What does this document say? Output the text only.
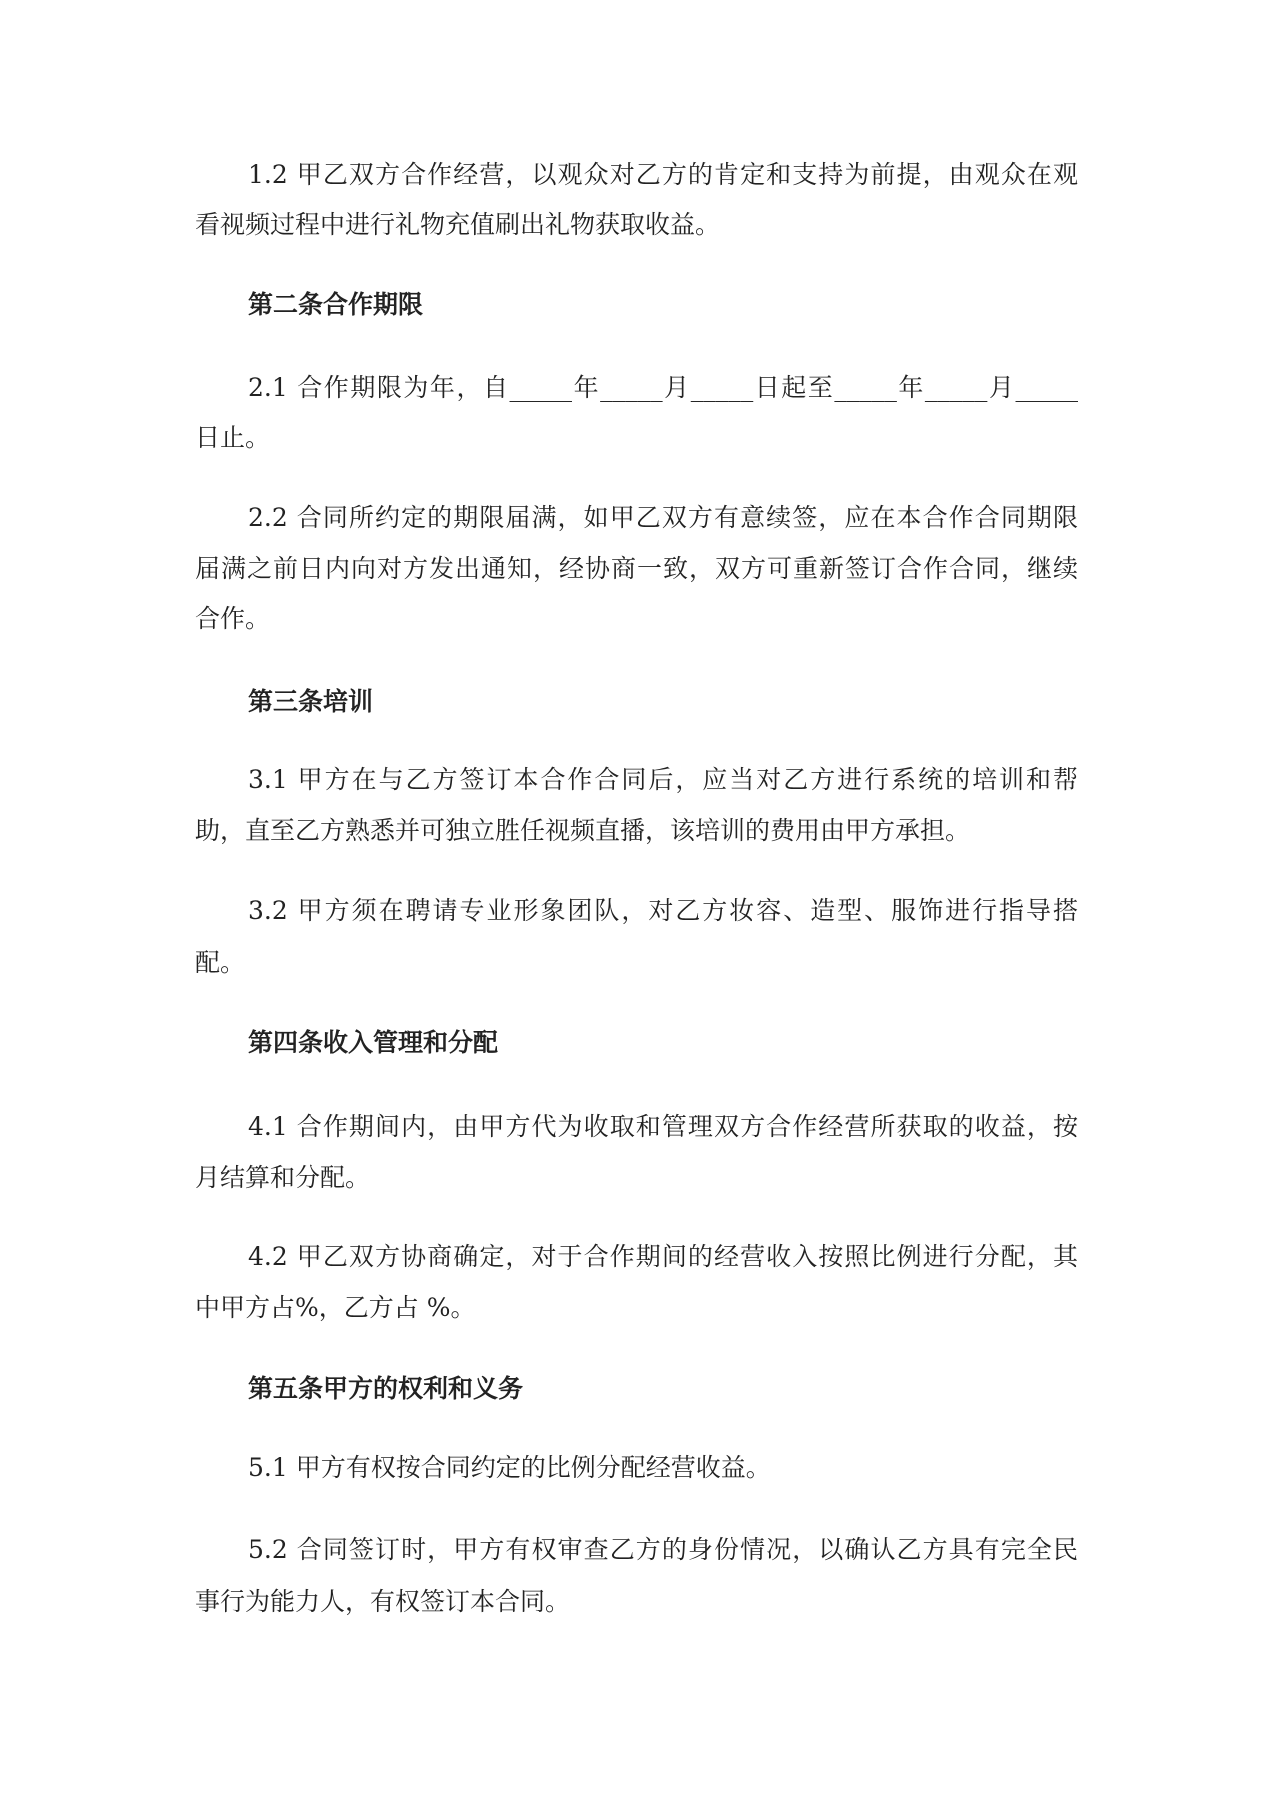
1.2 甲乙双方合作经营，以观众对乙方的肯定和支持为前提，由观众在观
看视频过程中进行礼物充值刷出礼物获取收益。
第二条合作期限
2.1 合作期限为年，自_____年_____月_____日起至_____年_____月_____
日止。
2.2 合同所约定的期限届满，如甲乙双方有意续签，应在本合作合同期限
届满之前日内向对方发出通知，经协商一致，双方可重新签订合作合同，继续
合作。
第三条培训
3.1 甲方在与乙方签订本合作合同后，应当对乙方进行系统的培训和帮
助，直至乙方熟悉并可独立胜任视频直播，该培训的费用由甲方承担。
3.2 甲方须在聘请专业形象团队，对乙方妆容、造型、服饰进行指导搭
配。
第四条收入管理和分配
4.1 合作期间内，由甲方代为收取和管理双方合作经营所获取的收益，按
月结算和分配。
4.2 甲乙双方协商确定，对于合作期间的经营收入按照比例进行分配，其
中甲方占%，乙方占 %。
第五条甲方的权利和义务
5.1 甲方有权按合同约定的比例分配经营收益。
5.2 合同签订时，甲方有权审查乙方的身份情况，以确认乙方具有完全民
事行为能力人，有权签订本合同。
